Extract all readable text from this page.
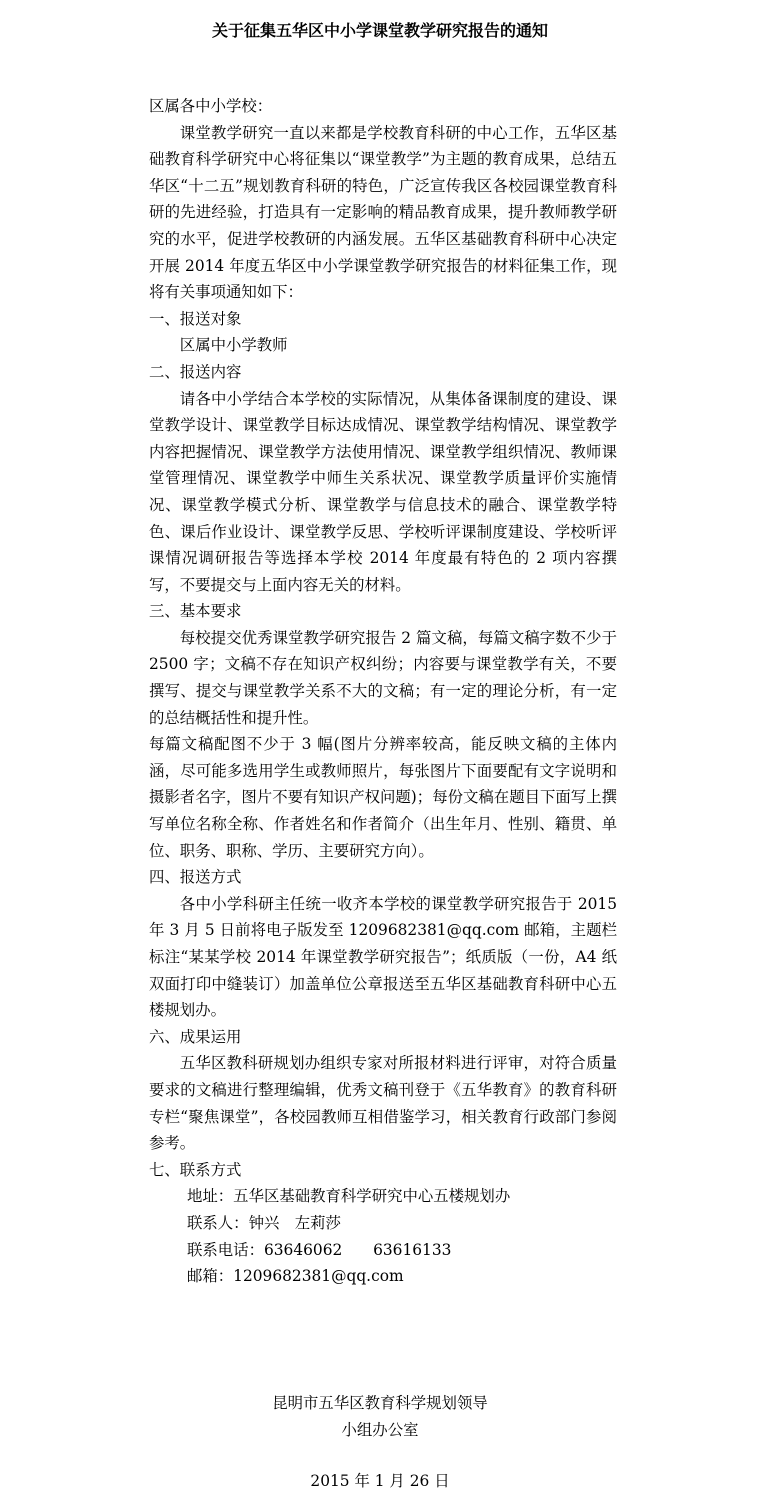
关于征集五华区中小学课堂教学研究报告的通知

区属各中小学校：

课堂教学研究一直以来都是学校教育科研的中心工作，五华区基础教育科学研究中心将征集以“课堂教学”为主题的教育成果，总结五华区“十二五”规划教育科研的特色，广泛宣传我区各校园课堂教育科研的先进经验，打造具有一定影响的精品教育成果，提升教师教学研究的水平，促进学校教研的内涵发展。五华区基础教育科研中心决定开展 2014 年度五华区中小学课堂教学研究报告的材料征集工作，现将有关事项通知如下：

一、报送对象

区属中小学教师

二、报送内容

请各中小学结合本学校的实际情况，从集体备课制度的建设、课堂教学设计、课堂教学目标达成情况、课堂教学结构情况、课堂教学内容把握情况、课堂教学方法使用情况、课堂教学组织情况、教师课堂管理情况、课堂教学中师生关系状况、课堂教学质量评价实施情况、课堂教学模式分析、课堂教学与信息技术的融合、课堂教学特色、课后作业设计、课堂教学反思、学校听评课制度建设、学校听评课情况调研报告等选择本学校 2014 年度最有特色的 2 项内容撰写，不要提交与上面内容无关的材料。

三、基本要求

每校提交优秀课堂教学研究报告 2 篇文稿，每篇文稿字数不少于 2500 字；文稿不存在知识产权纠纷；内容要与课堂教学有关，不要撰写、提交与课堂教学关系不大的文稿；有一定的理论分析，有一定的总结概括性和提升性。

每篇文稿配图不少于 3 幅(图片分辨率较高，能反映文稿的主体内涵，尽可能多选用学生或教师照片，每张图片下面要配有文字说明和摄影者名字，图片不要有知识产权问题)；每份文稿在题目下面写上撰写单位名称全称、作者姓名和作者简介（出生年月、性别、籍贯、单位、职务、职称、学历、主要研究方向）。

四、报送方式

各中小学科研主任统一收齐本学校的课堂教学研究报告于 2015 年 3 月 5 日前将电子版发至 1209682381@qq.com 邮箱，主题栏标注“某某学校 2014 年课堂教学研究报告”；纸质版（一份，A4 纸双面打印中缝装订）加盖单位公章报送至五华区基础教育科研中心五楼规划办。

六、成果运用

五华区教科研规划办组织专家对所报材料进行评审，对符合质量要求的文稿进行整理编辑，优秀文稿刊登于《五华教育》的教育科研专栏“聚焦课堂”，各校园教师互相借鉴学习，相关教育行政部门参阅参考。

七、联系方式

地址：五华区基础教育科学研究中心五楼规划办

联系人：钟兴　左莉莎

联系电话：63646062　　63616133

邮箱：1209682381@qq.com

昆明市五华区教育科学规划领导
小组办公室
2015 年 1 月 26 日
